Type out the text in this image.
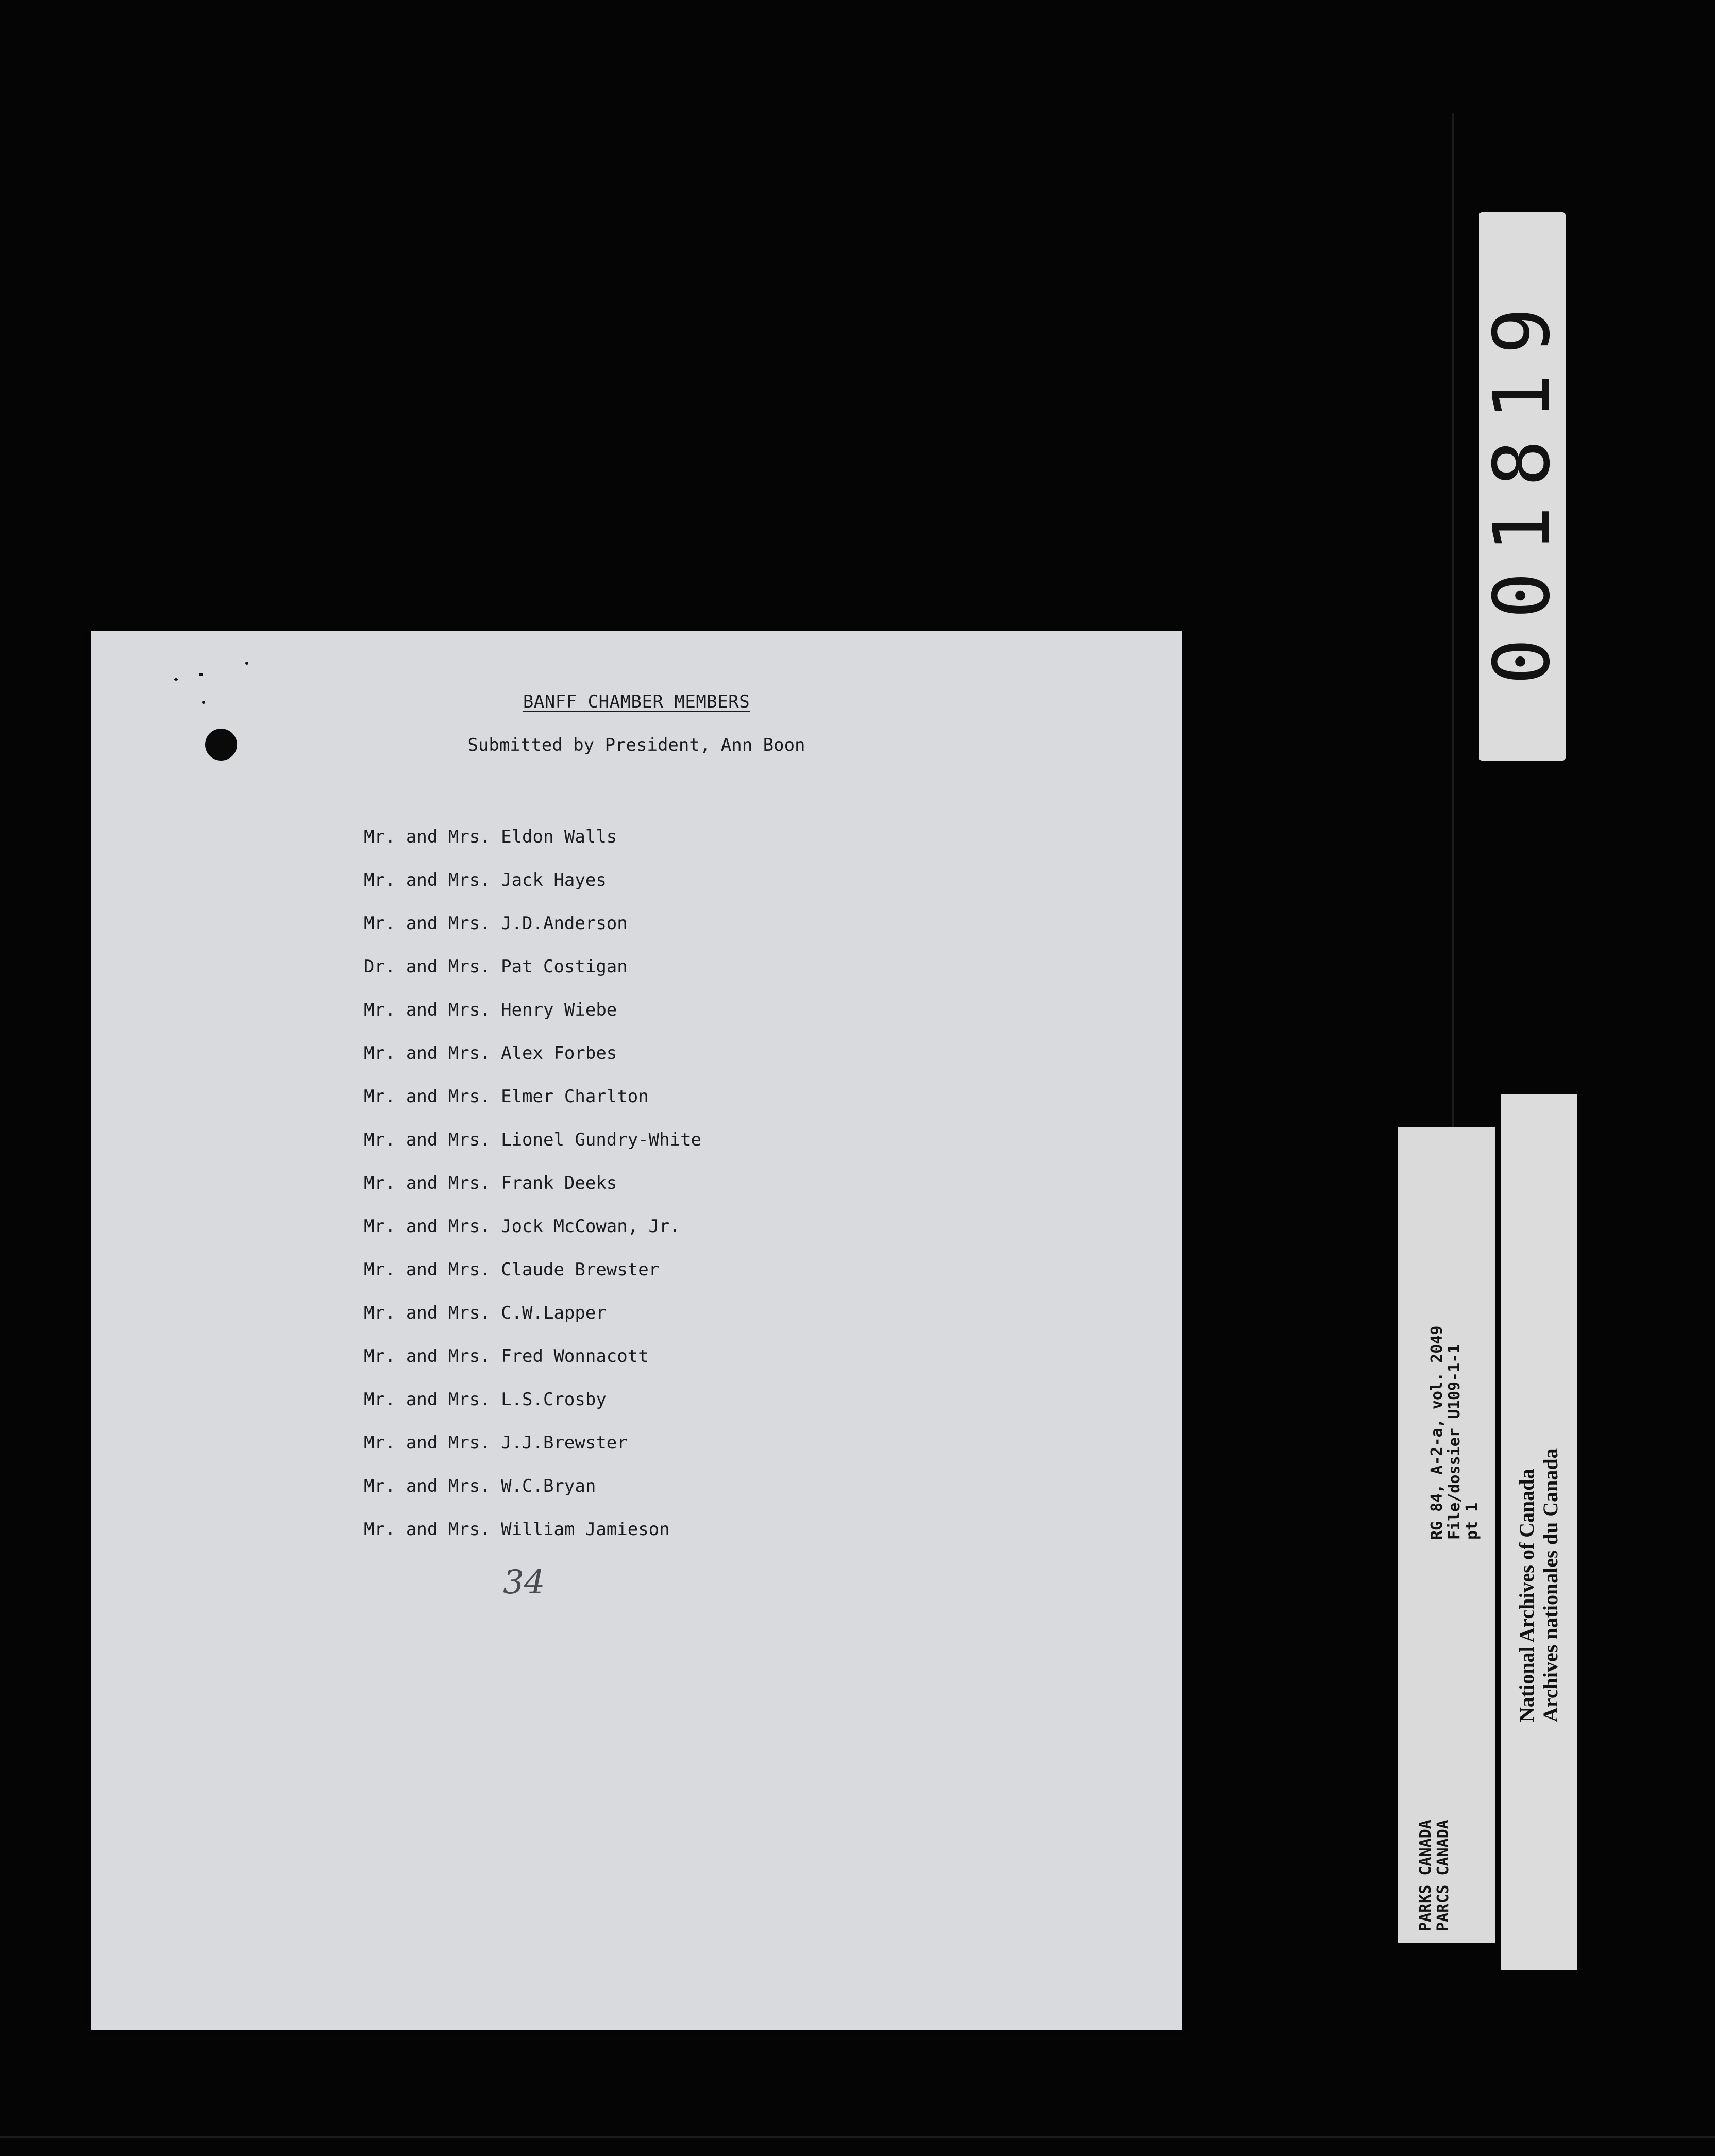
BANFF CHAMBER MEMBERS
Submitted by President, Ann Boon
Mr. and Mrs. Eldon Walls
Mr. and Mrs. Jack Hayes
Mr. and Mrs. J.D.Anderson
Dr. and Mrs. Pat Costigan
Mr. and Mrs. Henry Wiebe
Mr. and Mrs. Alex Forbes
Mr. and Mrs. Elmer Charlton
Mr. and Mrs. Lionel Gundry-White
Mr. and Mrs. Frank Deeks
Mr. and Mrs. Jock McCowan, Jr.
Mr. and Mrs. Claude Brewster
Mr. and Mrs. C.W.Lapper
Mr. and Mrs. Fred Wonnacott
Mr. and Mrs. L.S.Crosby
Mr. and Mrs. J.J.Brewster
Mr. and Mrs. W.C.Bryan
Mr. and Mrs. William Jamieson
34
001819
PARKS CANADA
PARCS CANADA
RG 84, A-2-a, vol. 2049
File/dossier U109-1-1
pt 1 National Archives of Canada
Archives nationales du Canada
